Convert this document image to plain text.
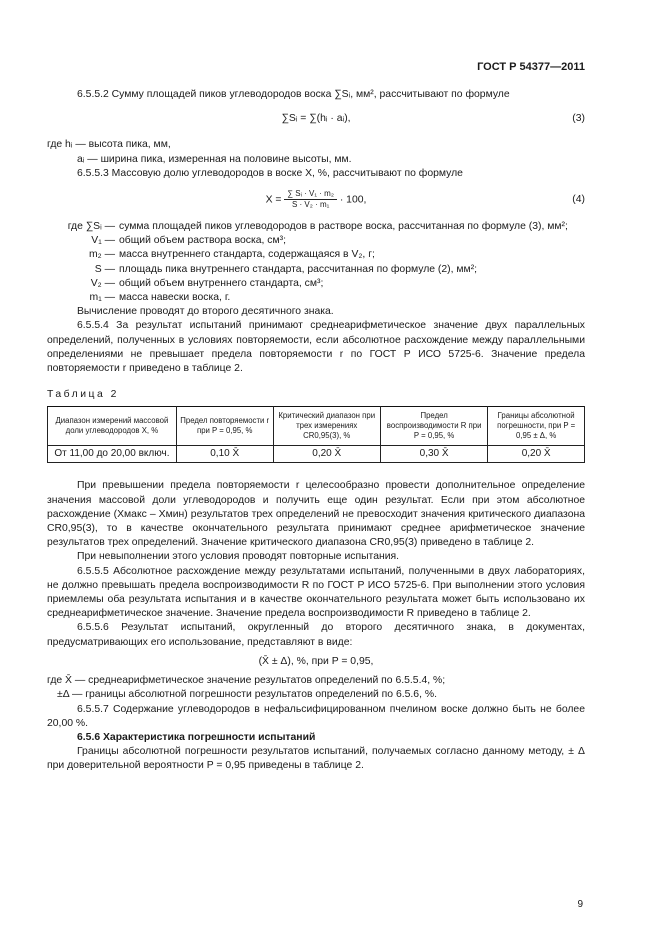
ГОСТ Р 54377—2011

6.5.5.2 Сумму площадей пиков углеводородов воска ∑Sᵢ, мм², рассчитывают по формуле

∑Sᵢ = ∑(hᵢ · aᵢ),	(3)

где hᵢ — высота пика, мм,

aᵢ — ширина пика, измеренная на половине высоты, мм.

6.5.5.3 Массовую долю углеводородов в воске X, %, рассчитывают по формуле

$X = \frac{\text{∑ Sᵢ · V₁ · m₂}}{\text{S · V₂ · m₁}} \cdot 100$,	(4)
где ∑Sᵢ — сумма площадей пиков углеводородов в растворе воска, рассчитанная по формуле (3), мм²;
V₁ — общий объем раствора воска, см³;
m₂ — масса внутреннего стандарта, содержащаяся в V₂, г;
S — площадь пика внутреннего стандарта, рассчитанная по формуле (2), мм²;
V₂ — общий объем внутреннего стандарта, см³;
m₁ — масса навески воска, г.

Вычисление проводят до второго десятичного знака.

6.5.5.4 За результат испытаний принимают среднеарифметическое значение двух параллельных определений, полученных в условиях повторяемости, если абсолютное расхождение между параллельными определениями не превышает предела повторяемости r по ГОСТ Р ИСО 5725-6. Значение предела повторяемости r приведено в таблице 2.

Таблица 2

Диапазон измерений массовой доли углеводородов X, %	Предел повторяемости r при P = 0,95, %	Критический диапазон при трех измерениях CR0,95(3), %	Предел воспроизводимости R при P = 0,95, %	Границы абсолютной погрешности, при P = 0,95 ± Δ, %
От 11,00 до 20,00 включ.	0,10 X̄	0,20 X̄	0,30 X̄	0,20 X̄

При превышении предела повторяемости r целесообразно провести дополнительное определение значения массовой доли углеводородов и получить еще один результат. Если при этом абсолютное расхождение (Xмакс – Xмин) результатов трех определений не превосходит значения критического диапазона CR0,95(3), то в качестве окончательного результата принимают среднее арифметическое значение результатов трех определений. Значение критического диапазона CR0,95(3) приведено в таблице 2.

При невыполнении этого условия проводят повторные испытания.

6.5.5.5 Абсолютное расхождение между результатами испытаний, полученными в двух лабораториях, не должно превышать предела воспроизводимости R по ГОСТ Р ИСО 5725-6. При выполнении этого условия приемлемы оба результата испытания и в качестве окончательного результата может быть использовано их среднеарифметическое значение. Значение предела воспроизводимости R приведено в таблице 2.

6.5.5.6 Результат испытаний, округленный до второго десятичного знака, в документах, предусматривающих его использование, представляют в виде:

(X̄ ± Δ), %, при P = 0,95,

где X̄ — среднеарифметическое значение результатов определений по 6.5.5.4, %;

±Δ — границы абсолютной погрешности результатов определений по 6.5.6, %.

6.5.5.7 Содержание углеводородов в нефальсифицированном пчелином воске должно быть не более 20,00 %.

6.5.6 Характеристика погрешности испытаний

Границы абсолютной погрешности результатов испытаний, получаемых согласно данному методу, ± Δ при доверительной вероятности P = 0,95 приведены в таблице 2.

9
